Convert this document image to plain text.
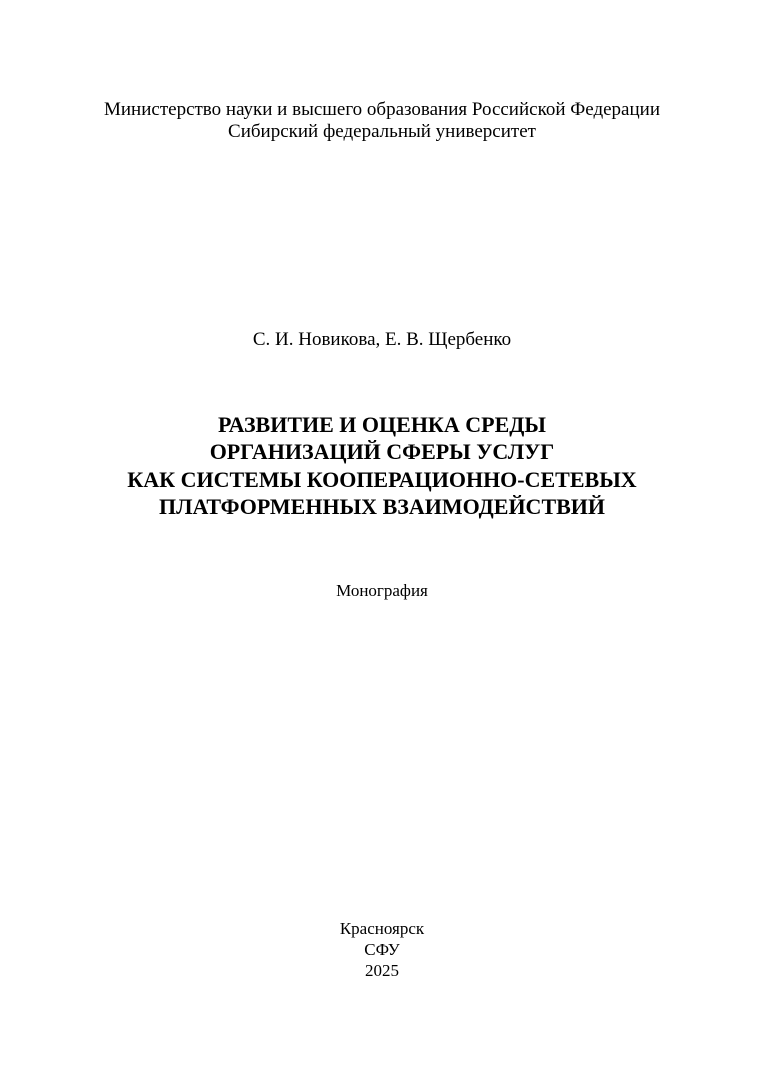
Министерство науки и высшего образования Российской Федерации
Сибирский федеральный университет
С. И. Новикова, Е. В. Щербенко
РАЗВИТИЕ И ОЦЕНКА СРЕДЫ
ОРГАНИЗАЦИЙ СФЕРЫ УСЛУГ
КАК СИСТЕМЫ КООПЕРАЦИОННО-СЕТЕВЫХ
ПЛАТФОРМЕННЫХ ВЗАИМОДЕЙСТВИЙ
Монография
Красноярск
СФУ
2025
